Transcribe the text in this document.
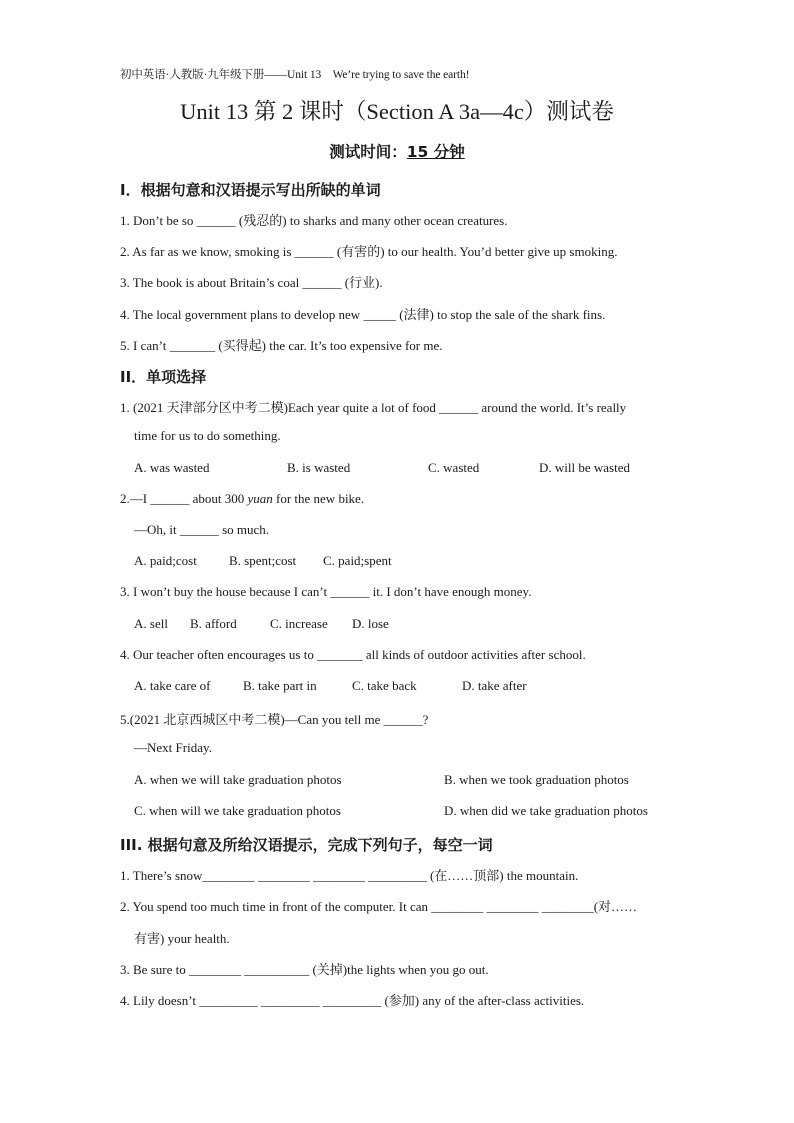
初中英语·人教版·九年级下册——Unit 13　We’re trying to save the earth!
Unit 13 第 2 课时（Section A 3a—4c）测试卷
测试时间：15 分钟
I．根据句意和汉语提示写出所缺的单词
1. Don’t be so ______ (残忍的) to sharks and many other ocean creatures.
2. As far as we know, smoking is ______ (有害的) to our health. You’d better give up smoking.
3. The book is about Britain’s coal ______ (行业).
4. The local government plans to develop new _____ (法律) to stop the sale of the shark fins.
5. I can’t _______ (买得起) the car. It’s too expensive for me.
II．单项选择
1. (2021 天津部分区中考二模)Each year quite a lot of food ______ around the world. It’s really
time for us to do something.
A. was wasted	B. is wasted	C. wasted	D. will be wasted
2.—I ______ about 300 yuan for the new bike.
—Oh, it ______ so much.
A. paid;cost B. spent;cost C. paid;spent
3. I won’t buy the house because I can’t ______ it. I don’t have enough money.
A. sell B. afford	C. increase D. lose
4. Our teacher often encourages us to _______ all kinds of outdoor activities after school.
A. take care of B. take part in	C. take back	D. take after
5.(2021 北京西城区中考二模)—Can you tell me ______?
—Next Friday.
A. when we will take graduation photos	B. when we took graduation photos
C. when will we take graduation photos	D. when did we take graduation photos
III. 根据句意及所给汉语提示，完成下列句子，每空一词
1. There’s snow________ ________ ________ _________ (在……顶部) the mountain.
2. You spend too much time in front of the computer. It can ________ ________ ________(对……
有害) your health.
3. Be sure to ________ __________ (关掉)the lights when you go out.
4. Lily doesn’t _________ _________ _________ (参加) any of the after-class activities.
